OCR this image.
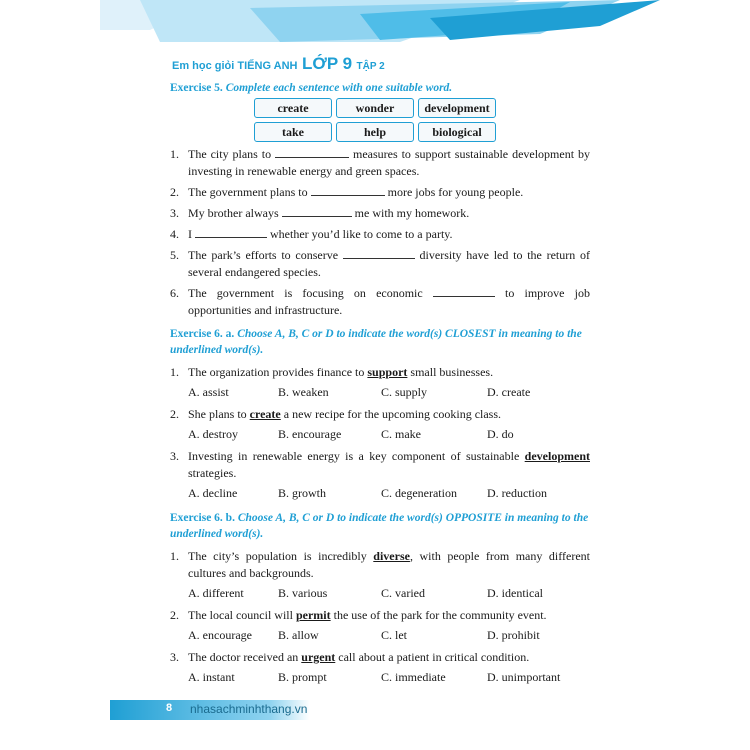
Em học giỏi TIẾNG ANH LỚP 9 TẬP 2
Exercise 5. Complete each sentence with one suitable word.
create	wonder	development
take	help	biological
1. The city plans to	measures to support sustainable development by investing in renewable energy and green spaces.
2. The government plans to	more jobs for young people.
3. My brother always	me with my homework.
4. I	whether you’d like to come to a party.
5. The park’s efforts to conserve	diversity have led to the return of several endangered species.
6. The government is focusing on economic	to improve job opportunities and infrastructure.
Exercise 6. a. Choose A, B, C or D to indicate the word(s) CLOSEST in meaning to the underlined word(s).
1. The organization provides finance to support small businesses.
A. assist	B. weaken	C. supply	D. create
2. She plans to create a new recipe for the upcoming cooking class.
A. destroy	B. encourage	C. make	D. do
3. Investing in renewable energy is a key component of sustainable development strategies.
A. decline	B. growth	C. degeneration	D. reduction
Exercise 6. b. Choose A, B, C or D to indicate the word(s) OPPOSITE in meaning to the underlined word(s).
1. The city’s population is incredibly diverse, with people from many different cultures and backgrounds.
A. different	B. various	C. varied	D. identical
2. The local council will permit the use of the park for the community event.
A. encourage	B. allow	C. let	D. prohibit
3. The doctor received an urgent call about a patient in critical condition.
A. instant	B. prompt	C. immediate	D. unimportant
8 nhasachminhthang.vn
